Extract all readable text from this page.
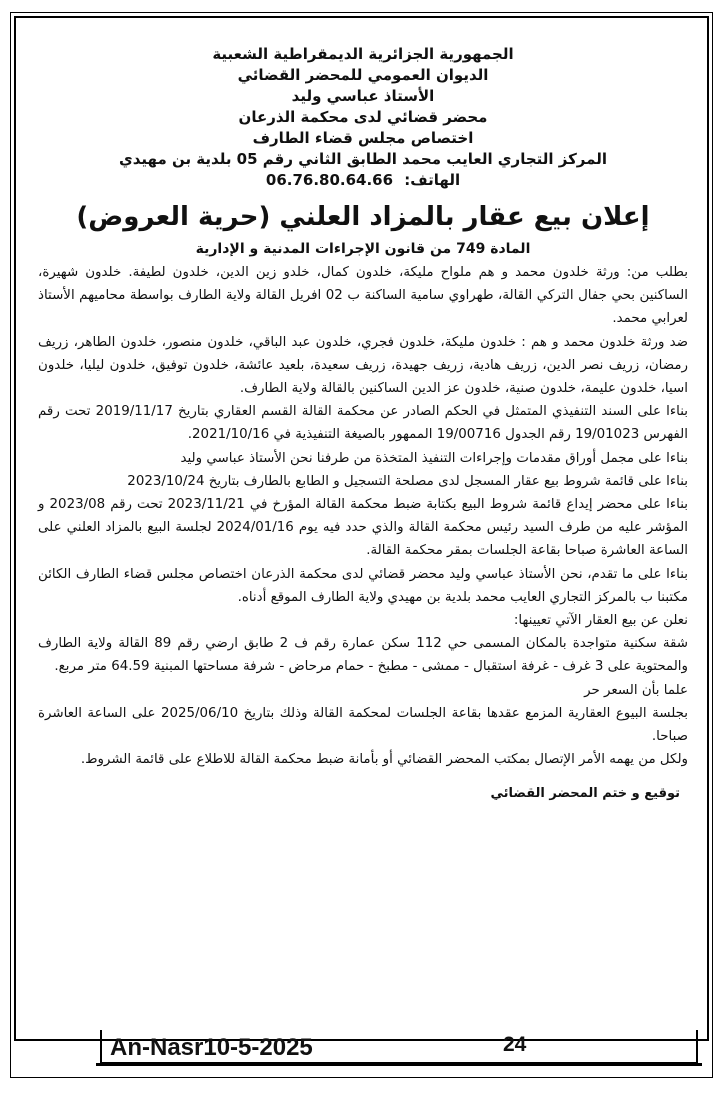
الجمهورية الجزائرية الديمقراطية الشعبية
الديوان العمومي للمحضر القضائي
الأستاذ عباسي وليد
محضر قضائي لدى محكمة الذرعان
اختصاص مجلس قضاء الطارف
المركز التجاري العايب محمد الطابق الثاني رقم 05 بلدية بن مهيدي
الهاتف: 06.76.80.64.66
إعلان بيع عقار بالمزاد العلني (حرية العروض)
المادة 749 من قانون الإجراءات المدنية و الإدارية

بطلب من: ورثة خلدون محمد و هم ملواح مليكة، خلدون كمال، خلدو زين الدين، خلدون لطيفة. خلدون شهيرة، الساكنين بحي جفال التركي القالة، طهراوي سامية الساكنة ب 02 افريل القالة ولاية الطارف بواسطة محاميهم الأستاذ لعرابي محمد.

ضد ورثة خلدون محمد و هم : خلدون مليكة، خلدون فجري، خلدون عبد الباقي، خلدون منصور، خلدون الطاهر، زريف رمضان، زريف نصر الدين، زريف هادية، زريف جهيدة، زريف سعيدة، بلعيد عائشة، خلدون توفيق، خلدون ليليا، خلدون اسيا، خلدون عليمة، خلدون صنية، خلدون عز الدين الساكنين بالقالة ولاية الطارف.

بناءا على السند التنفيذي المتمثل في الحكم الصادر عن محكمة القالة القسم العقاري بتاريخ 2019/11/17 تحت رقم الفهرس 19/01023 رقم الجدول 19/00716 الممهور بالصيغة التنفيذية في 2021/10/16.

بناءا على مجمل أوراق مقدمات وإجراءات التنفيذ المتخذة من طرفنا نحن الأستاذ عباسي وليد

بناءا على قائمة شروط بيع عقار المسجل لدى مصلحة التسجيل و الطابع بالطارف بتاريخ 2023/10/24

بناءا على محضر إيداع قائمة شروط البيع بكتابة ضبط محكمة القالة المؤرخ في 2023/11/21 تحت رقم 2023/08 و المؤشر عليه من طرف السيد رئيس محكمة القالة والذي حدد فيه يوم 2024/01/16 لجلسة البيع بالمزاد العلني على الساعة العاشرة صباحا بقاعة الجلسات بمقر محكمة القالة.

بناءا على ما تقدم، نحن الأستاذ عباسي وليد محضر قضائي لدى محكمة الذرعان اختصاص مجلس قضاء الطارف الكائن مكتبنا ب بالمركز التجاري العايب محمد بلدية بن مهيدي ولاية الطارف الموقع أدناه.

نعلن عن بيع العقار الآتي تعيينها:

شقة سكنية متواجدة بالمكان المسمى حي 112 سكن عمارة رقم ف 2 طابق ارضي رقم 89 القالة ولاية الطارف والمحتوية على 3 غرف - غرفة استقبال - ممشى - مطبخ - حمام مرحاض - شرفة مساحتها المبنية 64.59 متر مربع.

علما بأن السعر حر

بجلسة البيوع العقارية المزمع عقدها بقاعة الجلسات لمحكمة القالة وذلك بتاريخ 2025/06/10 على الساعة العاشرة صباحا.

ولكل من يهمه الأمر الإتصال بمكتب المحضر القضائي أو بأمانة ضبط محكمة القالة للاطلاع على قائمة الشروط.

توقيع و ختم المحضر القضائي
An-Nasr10-5-2025	24
